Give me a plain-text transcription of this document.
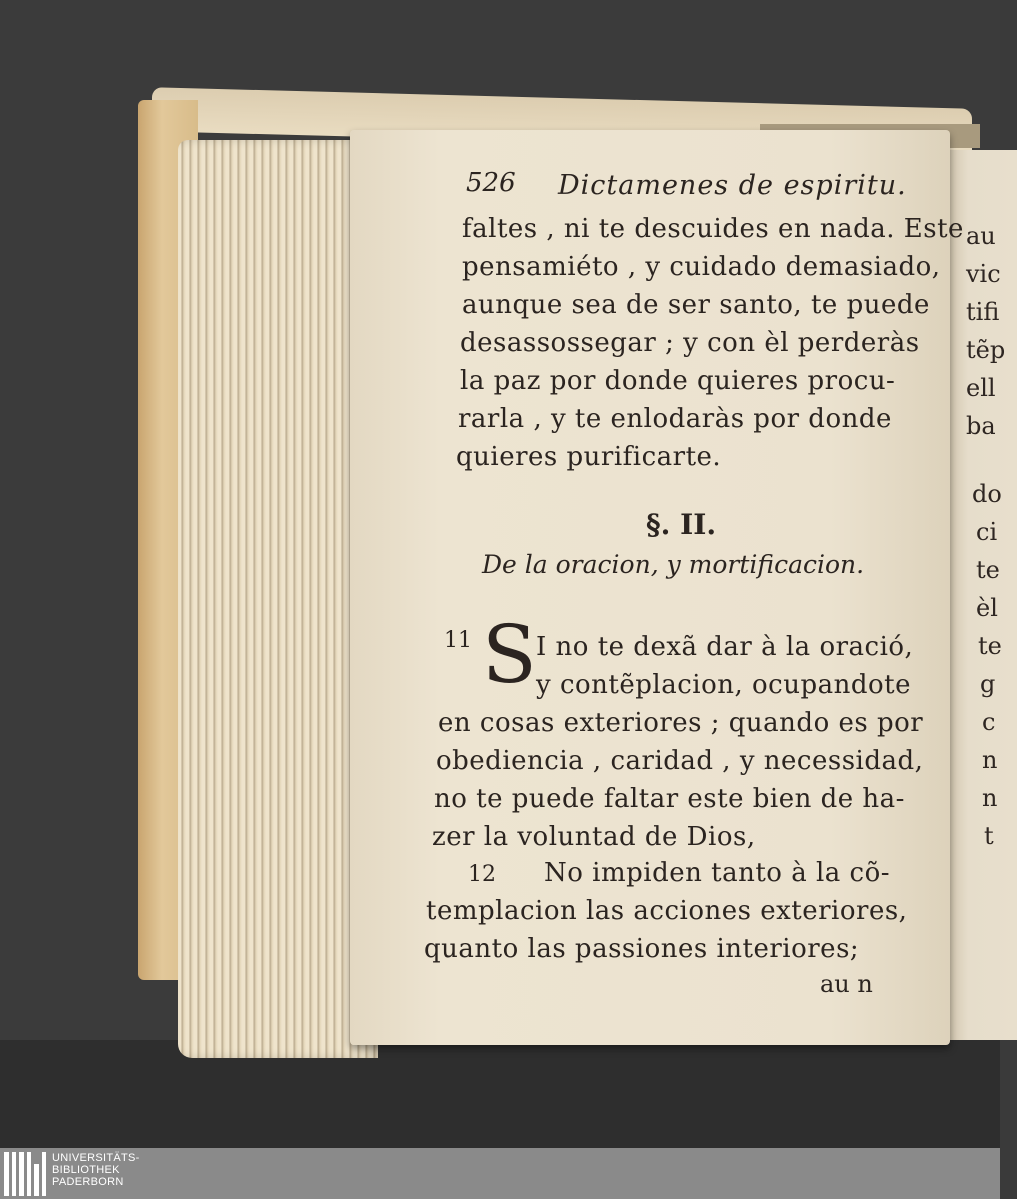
526 Dictamenes de espiritu.
faltes , ni te descuides en nada. Este
pensamiéto , y cuidado demasiado,
aunque sea de ser santo, te puede
desassossegar ; y con èl perderàs
la paz por donde quieres procu-
rarla , y te enlodaràs por donde
quieres purificarte.
§. II.
De la oracion, y mortificacion.
11 S I no te dexã dar à la oració,
y contẽplacion, ocupandote
en cosas exteriores ; quando es por
obediencia , caridad , y necessidad,
no te puede faltar este bien de ha-
zer la voluntad de Dios,
12 No impiden tanto à la cõ-
templacion las acciones exteriores,
quanto las passiones interiores;
au n
au
vic
tifi
tẽp
ell
ba
do
ci
te
èl
te
g
c
n
n
t
UNIVERSITÄTS-
BIBLIOTHEK
PADERBORN
